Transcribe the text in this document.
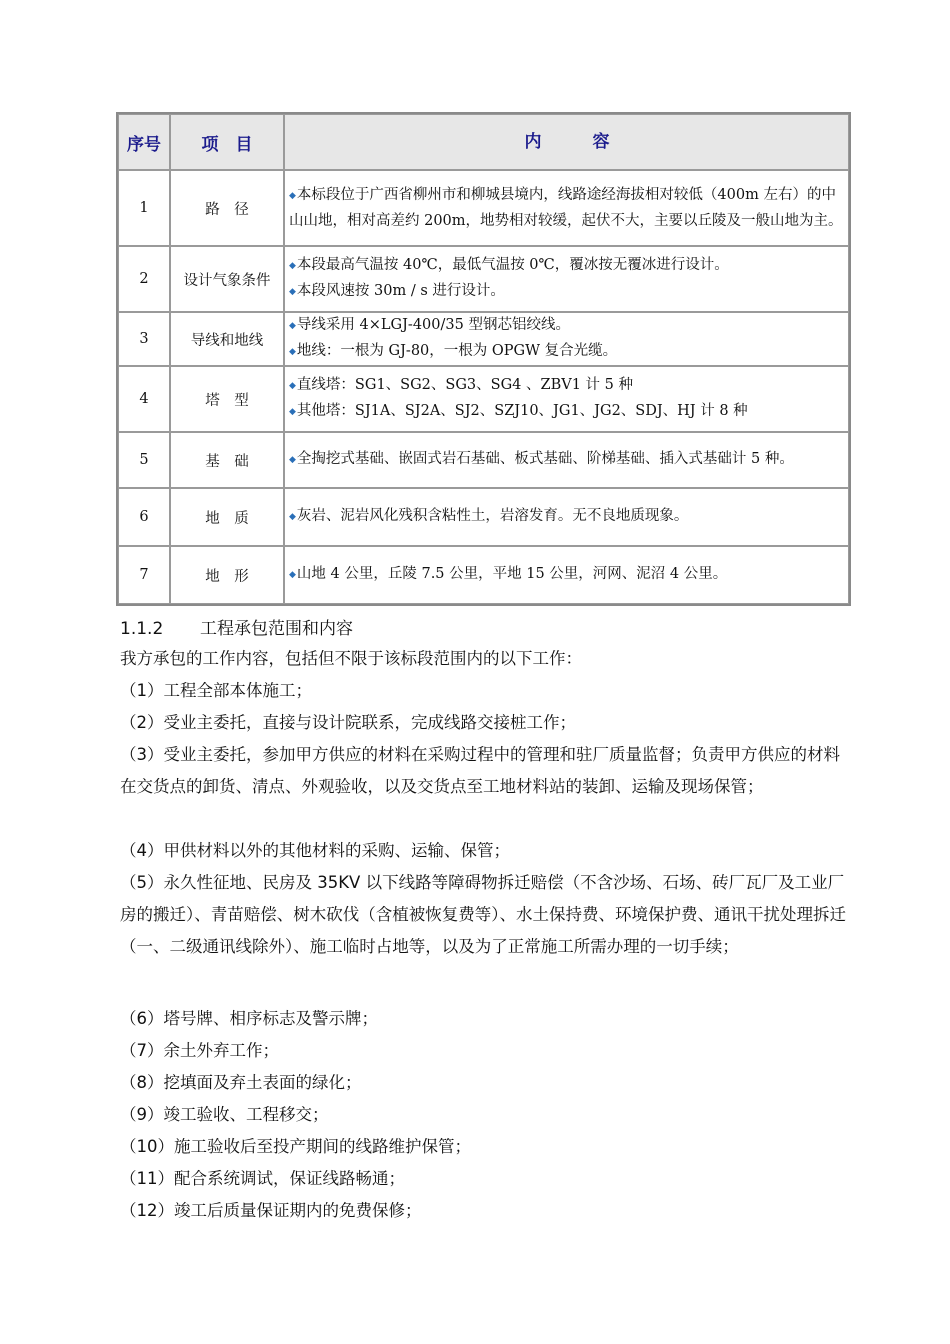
序号	项　目	内　　　容
1	路　径	◆本标段位于广西省柳州市和柳城县境内，线路途经海拔相对较低（400m 左右）的中山山地，相对高差约 200m，地势相对较缓，起伏不大，主要以丘陵及一般山地为主。

2	设计气象条件	◆本段最高气温按 40℃，最低气温按 0℃，覆冰按无覆冰进行设计。
◆本段风速按 30m / s 进行设计。

3	导线和地线	◆导线采用 4×LGJ-400/35 型钢芯铝绞线。
◆地线：一根为 GJ-80，一根为 OPGW 复合光缆。

4	塔　型	◆直线塔：SG1、SG2、SG3、SG4 、ZBV1 计 5 种
◆其他塔：SJ1A、SJ2A、SJ2、SZJ10、JG1、JG2、SDJ、HJ 计 8 种

5	基　础	◆全掏挖式基础、嵌固式岩石基础、板式基础、阶梯基础、插入式基础计 5 种。

6	地　质	◆灰岩、泥岩风化残积含粘性土，岩溶发育。无不良地质现象。

7	地　形	◆山地 4 公里，丘陵 7.5 公里，平地 15 公里，河网、泥沼 4 公里。
1.1.2 工程承包范围和内容
我方承包的工作内容，包括但不限于该标段范围内的以下工作：
（1）工程全部本体施工；
（2）受业主委托，直接与设计院联系，完成线路交接桩工作；
（3）受业主委托，参加甲方供应的材料在采购过程中的管理和驻厂质量监督；负责甲方供应的材料在交货点的卸货、清点、外观验收，以及交货点至工地材料站的装卸、运输及现场保管；
（4）甲供材料以外的其他材料的采购、运输、保管；
（5）永久性征地、民房及 35KV 以下线路等障碍物拆迁赔偿（不含沙场、石场、砖厂瓦厂及工业厂房的搬迁）、青苗赔偿、树木砍伐（含植被恢复费等）、水土保持费、环境保护费、通讯干扰处理拆迁（一、二级通讯线除外）、施工临时占地等，以及为了正常施工所需办理的一切手续；
（6）塔号牌、相序标志及警示牌；
（7）余土外弃工作；
（8）挖填面及弃土表面的绿化；
（9）竣工验收、工程移交；
（10）施工验收后至投产期间的线路维护保管；
（11）配合系统调试，保证线路畅通；
（12）竣工后质量保证期内的免费保修；
